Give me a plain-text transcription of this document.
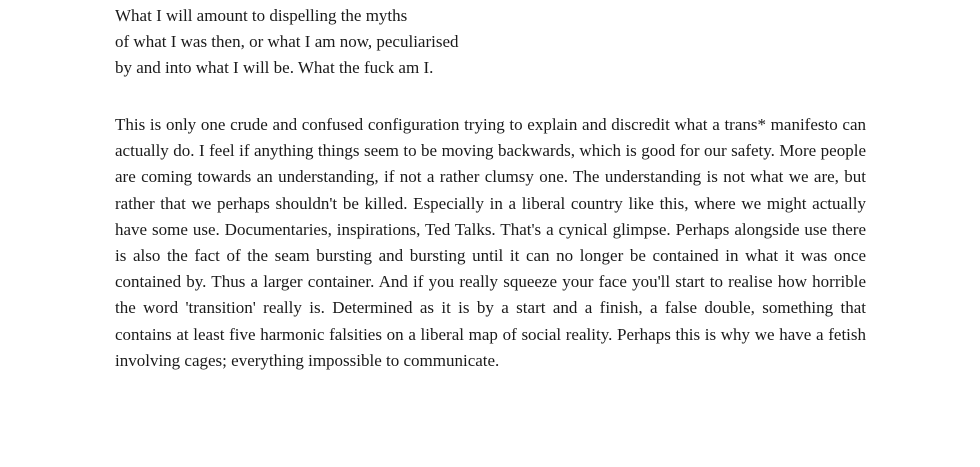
What I will amount to dispelling the myths
of what I was then, or what I am now, peculiarised
by and into what I will be. What the fuck am I.

This is only one crude and confused configuration trying to explain and discredit what a trans* manifesto can actually do. I feel if anything things seem to be moving backwards, which is good for our safety. More people are coming towards an understanding, if not a rather clumsy one. The understanding is not what we are, but rather that we perhaps shouldn't be killed. Especially in a liberal country like this, where we might actually have some use. Documentaries, inspirations, Ted Talks. That's a cynical glimpse. Perhaps alongside use there is also the fact of the seam bursting and bursting until it can no longer be contained in what it was once contained by. Thus a larger container. And if you really squeeze your face you'll start to realise how horrible the word 'transition' really is. Determined as it is by a start and a finish, a false double, something that contains at least five harmonic falsities on a liberal map of social reality. Perhaps this is why we have a fetish involving cages; everything impossible to communicate.
